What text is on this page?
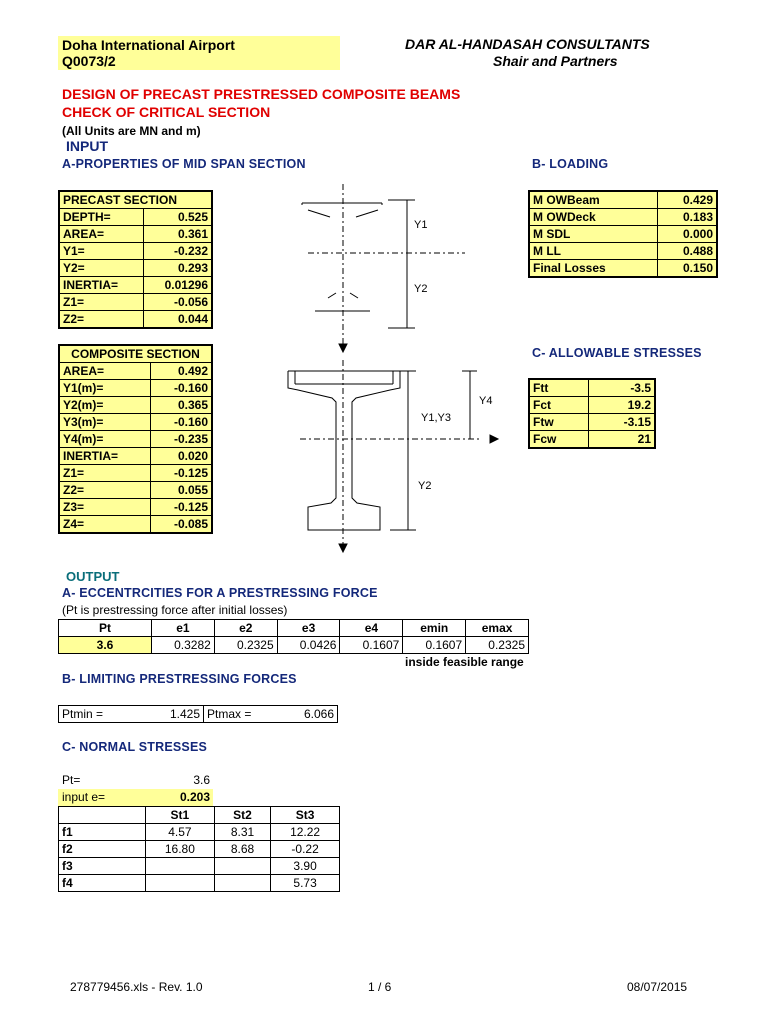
Doha International Airport
Q0073/2
DAR AL-HANDASAH CONSULTANTS
Shair and Partners
DESIGN OF PRECAST PRESTRESSED COMPOSITE BEAMS
CHECK OF CRITICAL SECTION
(All Units are MN and m)
INPUT
A-PROPERTIES OF MID SPAN SECTION	B- LOADING
PRECAST SECTION	
DEPTH=	0.525
AREA=	0.361
Y1=	-0.232
Y2=	0.293
INERTIA=	0.01296
Z1=	-0.056
Z2=	0.044
COMPOSITE SECTION	
AREA=	0.492
Y1(m)=	-0.160
Y2(m)=	0.365
Y3(m)=	-0.160
Y4(m)=	-0.235
INERTIA=	0.020
Z1=	-0.125
Z2=	0.055
Z3=	-0.125
Z4=	-0.085
M OWBeam	0.429
M OWDeck	0.183
M SDL	0.000
M LL	0.488
Final Losses	0.150
C- ALLOWABLE STRESSES
Ftt	-3.5
Fct	19.2
Ftw	-3.15
Fcw	21
Y1
Y2
Y1,Y3
Y4
Y2
OUTPUT
A- ECCENTRCITIES FOR A PRESTRESSING FORCE
(Pt is prestressing force after initial losses)
Pt	e1	e2	e3	e4	emin	emax
3.6	0.3282	0.2325	0.0426	0.1607	0.1607	0.2325
inside feasible range
B- LIMITING PRESTRESSING FORCES
Ptmin =	1.425	Ptmax =	6.066
C- NORMAL STRESSES
Pt=	3.6
input e=	0.203
	St1	St2	St3
f1	4.57	8.31	12.22
f2	16.80	8.68	-0.22
f3			3.90
f4			5.73
278779456.xls - Rev. 1.0	1 / 6	08/07/2015
